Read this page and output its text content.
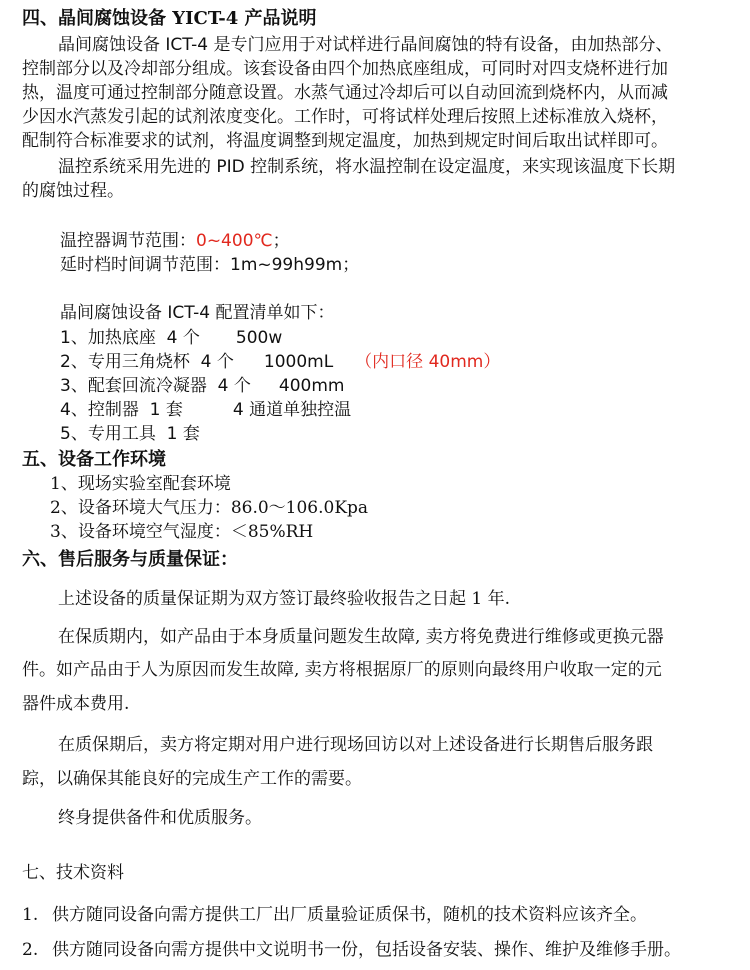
四、晶间腐蚀设备 YICT-4 产品说明
晶间腐蚀设备 ICT-4 是专门应用于对试样进行晶间腐蚀的特有设备，由加热部分、
控制部分以及冷却部分组成。该套设备由四个加热底座组成，可同时对四支烧杯进行加
热，温度可通过控制部分随意设置。水蒸气通过冷却后可以自动回流到烧杯内，从而减
少因水汽蒸发引起的试剂浓度变化。工作时，可将试样处理后按照上述标准放入烧杯，
配制符合标准要求的试剂，将温度调整到规定温度，加热到规定时间后取出试样即可。
温控系统采用先进的 PID 控制系统，将水温控制在设定温度，来实现该温度下长期
的腐蚀过程。
温控器调节范围：0~400℃；
延时档时间调节范围：1m~99h99m；
晶间腐蚀设备 ICT-4 配置清单如下：
1、加热底座 4 个 500w
2、专用三角烧杯 4 个 1000mL （内口径 40mm）
3、配套回流冷凝器 4 个 400mm
4、控制器 1 套	4 通道单独控温
5、专用工具 1 套
五、设备工作环境
1、现场实验室配套环境
2、设备环境大气压力：86.0～106.0Kpa
3、设备环境空气湿度：＜85%RH
六、售后服务与质量保证：
上述设备的质量保证期为双方签订最终验收报告之日起 1 年.
在保质期内，如产品由于本身质量问题发生故障, 卖方将免费进行维修或更换元器
件。如产品由于人为原因而发生故障, 卖方将根据原厂的原则向最终用户收取一定的元
器件成本费用.
在质保期后，卖方将定期对用户进行现场回访以对上述设备进行长期售后服务跟
踪，以确保其能良好的完成生产工作的需要。
终身提供备件和优质服务。
七、技术资料
1. 供方随同设备向需方提供工厂出厂质量验证质保书，随机的技术资料应该齐全。
2. 供方随同设备向需方提供中文说明书一份，包括设备安装、操作、维护及维修手册。
